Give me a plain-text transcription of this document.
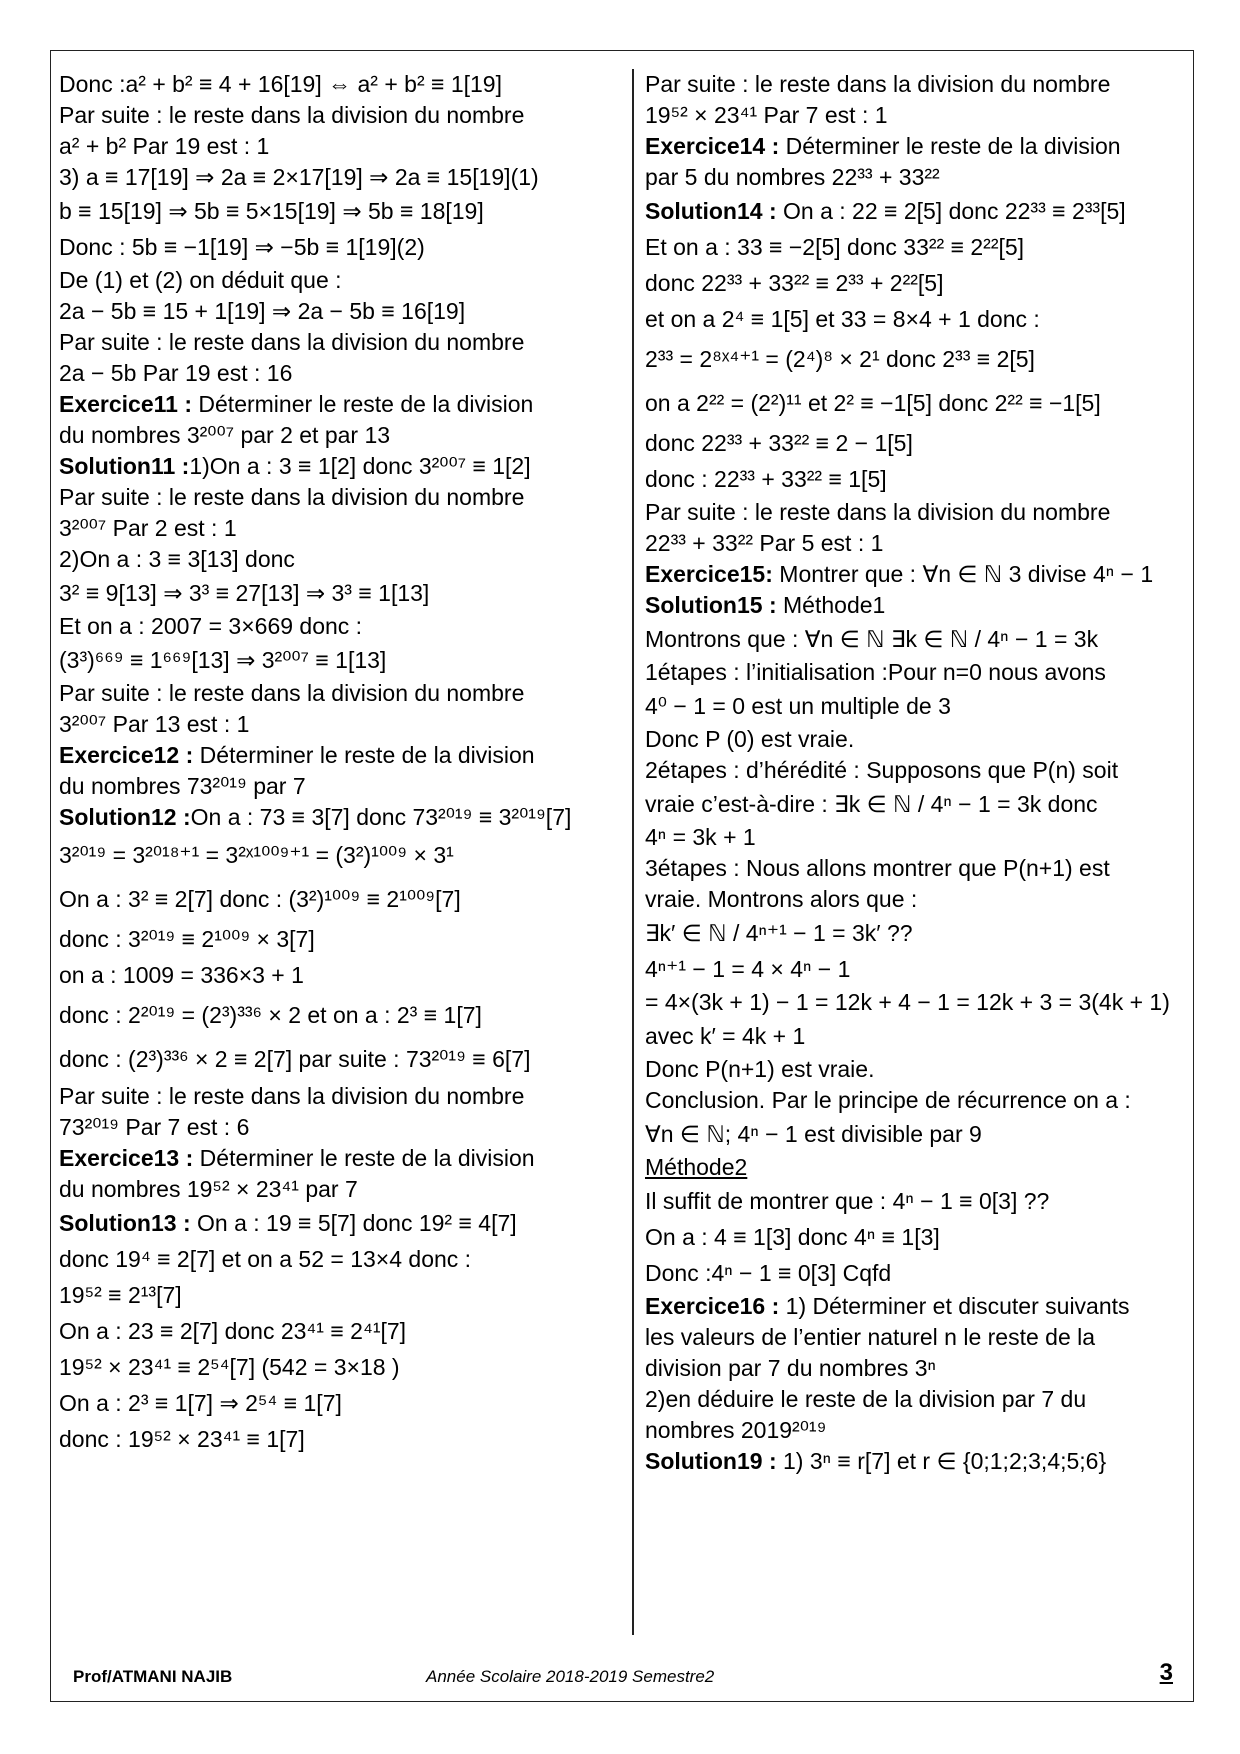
Donc :a² + b² ≡ 4 + 16[19] ⇔ a² + b² ≡ 1[19]
Par suite : le reste dans la division du nombre
a² + b² Par 19 est : 1
3) a ≡ 17[19] ⇒ 2a ≡ 2×17[19] ⇒ 2a ≡ 15[19](1)
b ≡ 15[19] ⇒ 5b ≡ 5×15[19] ⇒ 5b ≡ 18[19]
Donc : 5b ≡ −1[19] ⇒ −5b ≡ 1[19](2)
De (1) et (2) on déduit que :
2a − 5b ≡ 15 + 1[19] ⇒ 2a − 5b ≡ 16[19]
Par suite : le reste dans la division du nombre
2a − 5b Par 19 est : 16
Exercice11 : Déterminer le reste de la division
du nombres 3²⁰⁰⁷ par 2 et par 13
Solution11 :1)On a : 3 ≡ 1[2] donc 3²⁰⁰⁷ ≡ 1[2]
Par suite : le reste dans la division du nombre
3²⁰⁰⁷ Par 2 est : 1
2)On a : 3 ≡ 3[13] donc
3² ≡ 9[13] ⇒ 3³ ≡ 27[13] ⇒ 3³ ≡ 1[13]
Et on a : 2007 = 3×669 donc :
(3³)⁶⁶⁹ ≡ 1⁶⁶⁹[13] ⇒ 3²⁰⁰⁷ ≡ 1[13]
Par suite : le reste dans la division du nombre
3²⁰⁰⁷ Par 13 est : 1
Exercice12 : Déterminer le reste de la division
du nombres 73²⁰¹⁹ par 7
Solution12 :On a : 73 ≡ 3[7] donc 73²⁰¹⁹ ≡ 3²⁰¹⁹[7]
3²⁰¹⁹ = 3²⁰¹⁸⁺¹ = 3²ˣ¹⁰⁰⁹⁺¹ = (3²)¹⁰⁰⁹ × 3¹
On a : 3² ≡ 2[7] donc : (3²)¹⁰⁰⁹ ≡ 2¹⁰⁰⁹[7]
donc : 3²⁰¹⁹ ≡ 2¹⁰⁰⁹ × 3[7]
on a : 1009 = 336×3 + 1
donc : 2²⁰¹⁹ = (2³)³³⁶ × 2 et on a : 2³ ≡ 1[7]
donc : (2³)³³⁶ × 2 ≡ 2[7] par suite : 73²⁰¹⁹ ≡ 6[7]
Par suite : le reste dans la division du nombre
73²⁰¹⁹ Par 7 est : 6
Exercice13 : Déterminer le reste de la division
du nombres 19⁵² × 23⁴¹ par 7
Solution13 : On a : 19 ≡ 5[7] donc 19² ≡ 4[7]
donc 19⁴ ≡ 2[7] et on a 52 = 13×4 donc :
19⁵² ≡ 2¹³[7]
On a : 23 ≡ 2[7] donc 23⁴¹ ≡ 2⁴¹[7]
19⁵² × 23⁴¹ ≡ 2⁵⁴[7] (542 = 3×18 )
On a : 2³ ≡ 1[7] ⇒ 2⁵⁴ ≡ 1[7]
donc : 19⁵² × 23⁴¹ ≡ 1[7]
Par suite : le reste dans la division du nombre
19⁵² × 23⁴¹ Par 7 est : 1
Exercice14 : Déterminer le reste de la division
par 5 du nombres 22³³ + 33²²
Solution14 : On a : 22 ≡ 2[5] donc 22³³ ≡ 2³³[5]
Et on a : 33 ≡ −2[5] donc 33²² ≡ 2²²[5]
donc 22³³ + 33²² ≡ 2³³ + 2²²[5]
et on a 2⁴ ≡ 1[5] et 33 = 8×4 + 1 donc :
2³³ = 2⁸ˣ⁴⁺¹ = (2⁴)⁸ × 2¹ donc 2³³ ≡ 2[5]
on a 2²² = (2²)¹¹ et 2² ≡ −1[5] donc 2²² ≡ −1[5]
donc 22³³ + 33²² ≡ 2 − 1[5]
donc : 22³³ + 33²² ≡ 1[5]
Par suite : le reste dans la division du nombre
22³³ + 33²² Par 5 est : 1
Exercice15: Montrer que : ∀n ∈ ℕ 3 divise 4ⁿ − 1
Solution15 : Méthode1
Montrons que : ∀n ∈ ℕ ∃k ∈ ℕ / 4ⁿ − 1 = 3k
1étapes : l’initialisation :Pour n=0 nous avons
4⁰ − 1 = 0 est un multiple de 3
Donc P (0) est vraie.
2étapes : d’hérédité : Supposons que P(n) soit
vraie c’est-à-dire : ∃k ∈ ℕ / 4ⁿ − 1 = 3k donc
4ⁿ = 3k + 1
3étapes : Nous allons montrer que P(n+1) est
vraie. Montrons alors que :
∃k′ ∈ ℕ / 4ⁿ⁺¹ − 1 = 3k′ ??
4ⁿ⁺¹ − 1 = 4 × 4ⁿ − 1
= 4×(3k + 1) − 1 = 12k + 4 − 1 = 12k + 3 = 3(4k + 1)
avec k′ = 4k + 1
Donc P(n+1) est vraie.
Conclusion. Par le principe de récurrence on a :
∀n ∈ ℕ; 4ⁿ − 1 est divisible par 9
Méthode2
Il suffit de montrer que : 4ⁿ − 1 ≡ 0[3] ??
On a : 4 ≡ 1[3] donc 4ⁿ ≡ 1[3]
Donc :4ⁿ − 1 ≡ 0[3] Cqfd
Exercice16 : 1) Déterminer et discuter suivants
les valeurs de l’entier naturel n le reste de la
division par 7 du nombres 3ⁿ
2)en déduire le reste de la division par 7 du
nombres 2019²⁰¹⁹
Solution19 : 1) 3ⁿ ≡ r[7] et r ∈ {0;1;2;3;4;5;6}
Prof/ATMANI NAJIB	Année Scolaire 2018-2019 Semestre2	3
